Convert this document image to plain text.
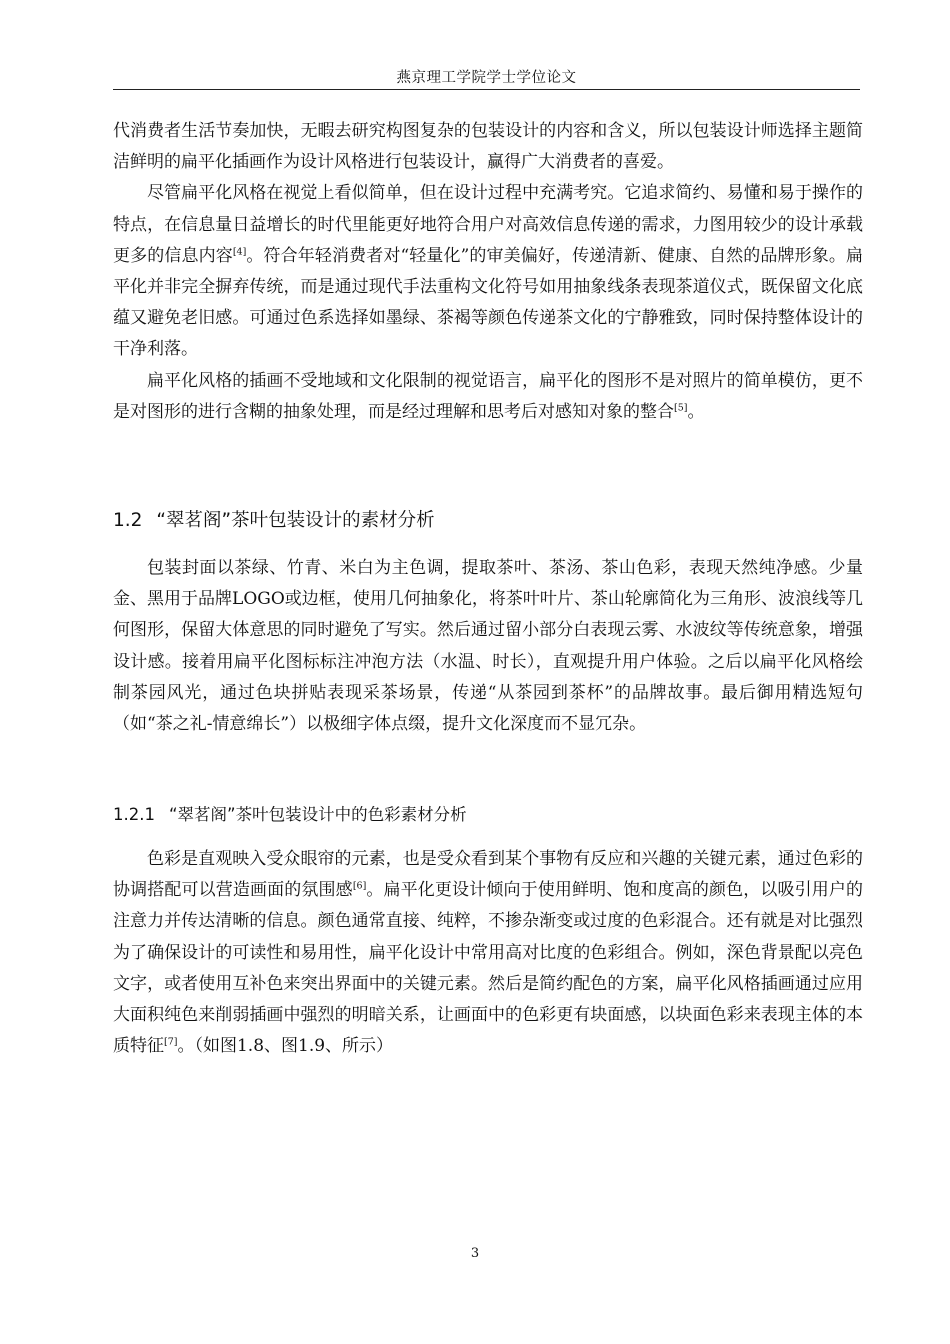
燕京理工学院学士学位论文

代消费者生活节奏加快，无暇去研究构图复杂的包装设计的内容和含义，所以包装设计师选择主题简洁鲜明的扁平化插画作为设计风格进行包装设计，赢得广大消费者的喜爱。

尽管扁平化风格在视觉上看似简单，但在设计过程中充满考究。它追求简约、易懂和易于操作的特点，在信息量日益增长的时代里能更好地符合用户对高效信息传递的需求，力图用较少的设计承载更多的信息内容[4]。符合年轻消费者对“轻量化”的审美偏好，传递清新、健康、自然的品牌形象。扁平化并非完全摒弃传统，而是通过现代手法重构文化符号如用抽象线条表现茶道仪式，既保留文化底蕴又避免老旧感。可通过色系选择如墨绿、茶褐等颜色传递茶文化的宁静雅致，同时保持整体设计的干净利落。

扁平化风格的插画不受地域和文化限制的视觉语言，扁平化的图形不是对照片的简单模仿，更不是对图形的进行含糊的抽象处理，而是经过理解和思考后对感知对象的整合[5]。

1.2 “翠茗阁”茶叶包装设计的素材分析

包装封面以茶绿、竹青、米白为主色调，提取茶叶、茶汤、茶山色彩，表现天然纯净感。少量金、黑用于品牌LOGO或边框，使用几何抽象化，将茶叶叶片、茶山轮廓简化为三角形、波浪线等几何图形，保留大体意思的同时避免了写实。然后通过留小部分白表现云雾、水波纹等传统意象，增强设计感。接着用扁平化图标标注冲泡方法（水温、时长），直观提升用户体验。之后以扁平化风格绘制茶园风光，通过色块拼贴表现采茶场景，传递“从茶园到茶杯”的品牌故事。最后御用精选短句（如“茶之礼-情意绵长”）以极细字体点缀，提升文化深度而不显冗杂。

1.2.1 “翠茗阁”茶叶包装设计中的色彩素材分析

色彩是直观映入受众眼帘的元素，也是受众看到某个事物有反应和兴趣的关键元素，通过色彩的协调搭配可以营造画面的氛围感[6]。扁平化更设计倾向于使用鲜明、饱和度高的颜色，以吸引用户的注意力并传达清晰的信息。颜色通常直接、纯粹，不掺杂渐变或过度的色彩混合。还有就是对比强烈为了确保设计的可读性和易用性，扁平化设计中常用高对比度的色彩组合。例如，深色背景配以亮色文字，或者使用互补色来突出界面中的关键元素。然后是简约配色的方案，扁平化风格插画通过应用大面积纯色来削弱插画中强烈的明暗关系，让画面中的色彩更有块面感，以块面色彩来表现主体的本质特征[7]。（如图1.8、图1.9、所示）

3
